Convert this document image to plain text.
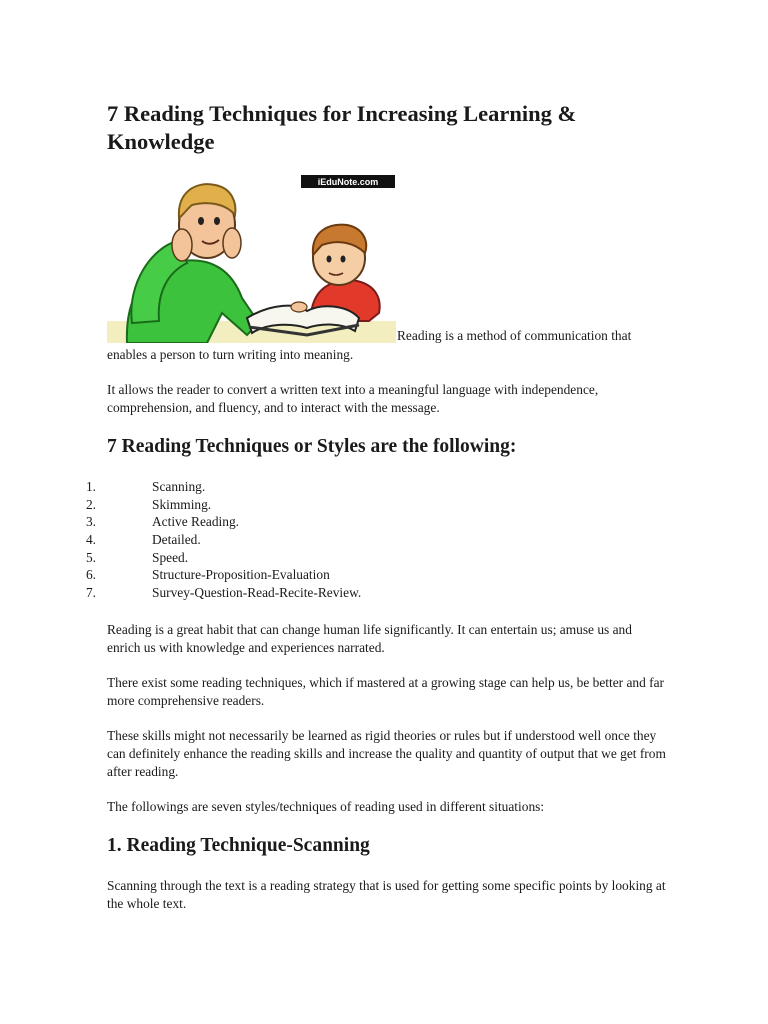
7 Reading Techniques for Increasing Learning & Knowledge
iEduNote.com
Reading is a method of communication that

enables a person to turn writing into meaning.

It allows the reader to convert a written text into a meaningful language with independence, comprehension, and fluency, and to interact with the message.

7 Reading Techniques or Styles are the following:
1.	Scanning.
2.	Skimming.
3.	Active Reading.
4.	Detailed.
5.	Speed.
6.	Structure-Proposition-Evaluation
7.	Survey-Question-Read-Recite-Review.

Reading is a great habit that can change human life significantly. It can entertain us; amuse us and enrich us with knowledge and experiences narrated.

There exist some reading techniques, which if mastered at a growing stage can help us, be better and far more comprehensive readers.

These skills might not necessarily be learned as rigid theories or rules but if understood well once they can definitely enhance the reading skills and increase the quality and quantity of output that we get from after reading.

The followings are seven styles/techniques of reading used in different situations:

1. Reading Technique-Scanning

Scanning through the text is a reading strategy that is used for getting some specific points by looking at the whole text.
